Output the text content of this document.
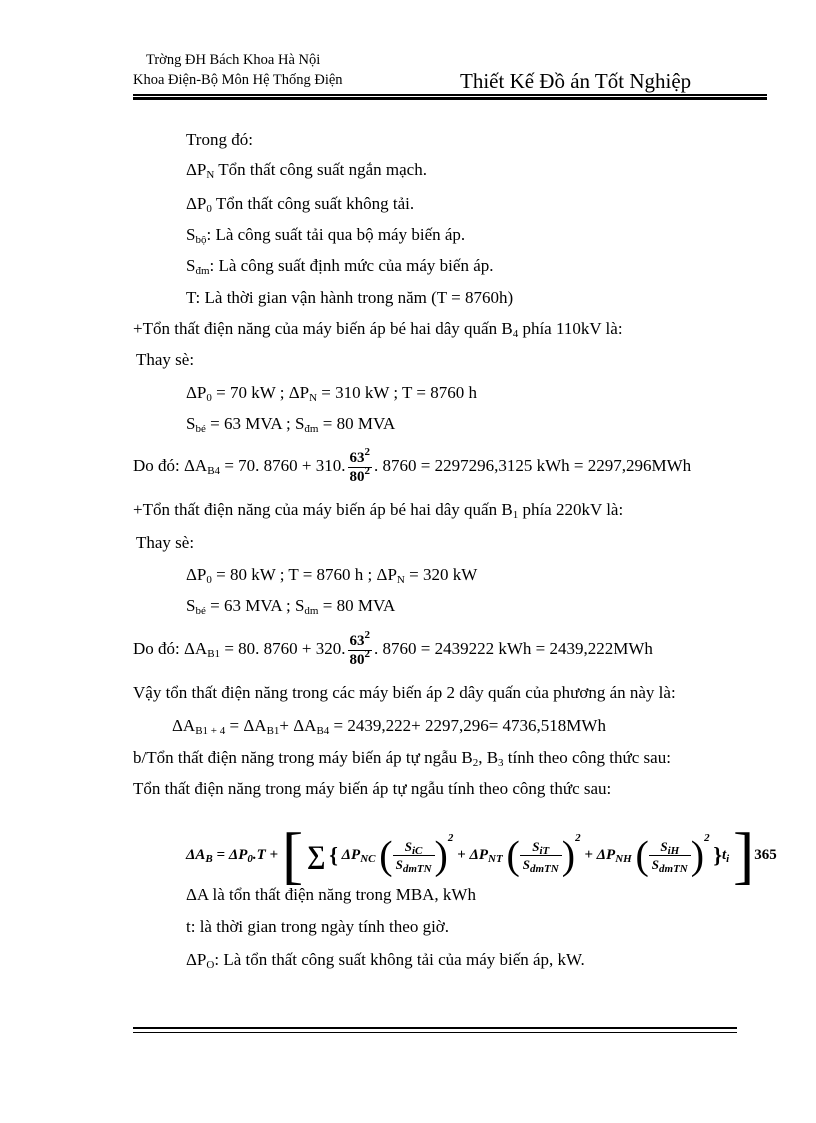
Trờng ĐH Bách Khoa Hà Nội
Khoa Điện-Bộ Môn Hệ Thống Điện	Thiết Kế Đồ án Tốt Nghiệp
Trong đó:
$\Delta P_N$ Tổn thất công suất ngắn mạch.
$\Delta P_0$ Tổn thất công suất không tải.
$S_{bộ}$: Là công suất tải qua bộ máy biến áp.
$S_{đm}$: Là công suất định mức của máy biến áp.
T: Là thời gian vận hành trong năm (T = 8760h)
+Tổn thất điện năng của máy biến áp bé hai dây quấn $B_4$ phía 110kV là:
Thay sè:
$\Delta P_0 = 70$ kW ; $\Delta P_N = 310$ kW ; T = 8760 h
$S_{bé} = 63$ MVA ; $S_{đm} = 80$ MVA
Do đó: $\Delta A_{B4} = 70$. 8760 + 310. $\frac{63^2}{80^2}$ . 8760 = 2297296,3125 kWh = 2297,296MWh
+Tổn thất điện năng của máy biến áp bé hai dây quấn $B_1$ phía 220kV là:
Thay sè:
$\Delta P_0 = 80$ kW ; T = 8760 h ; $\Delta P_N = 320$ kW
$S_{bé} = 63$ MVA ; $S_{dm} = 80$ MVA
Do đó: $\Delta A_{B1} = 80$. 8760 + 320. $\frac{63^2}{80^2}$ . 8760 = 2439222 kWh = 2439,222MWh
Vậy tổn thất điện năng trong các máy biến áp 2 dây quấn của phương án này là:
$\Delta A_{B1 + 4} = \Delta A_{B1}+ \Delta A_{B4} = 2439,222+ 2297,296= 4736,518MWh$
b/Tổn thất điện năng trong máy biến áp tự ngẫu $B_2$, $B_3$ tính theo công thức sau:
Tổn thất điện năng trong máy biến áp tự ngẫu tính theo công thức sau:
$\Delta A_B = \Delta P_0.T$ + [ ∑ { $\Delta P_{NC}$ ( $\frac{S_{iC}}{S_{dmTN}} )^2 + \Delta P_{NT}$ ( $\frac{S_{iT}}{S_{dmTN}} )^2 + \Delta P_{NH}$ ( $\frac{S_{iH}}{S_{dmTN}} )^2$ }$t_i$ ]365
ΔA là tổn thất điện năng trong MBA, kWh
t: là thời gian trong ngày tính theo giờ.
$\Delta P_O$: Là tổn thất công suất không tải của máy biến áp, kW.
